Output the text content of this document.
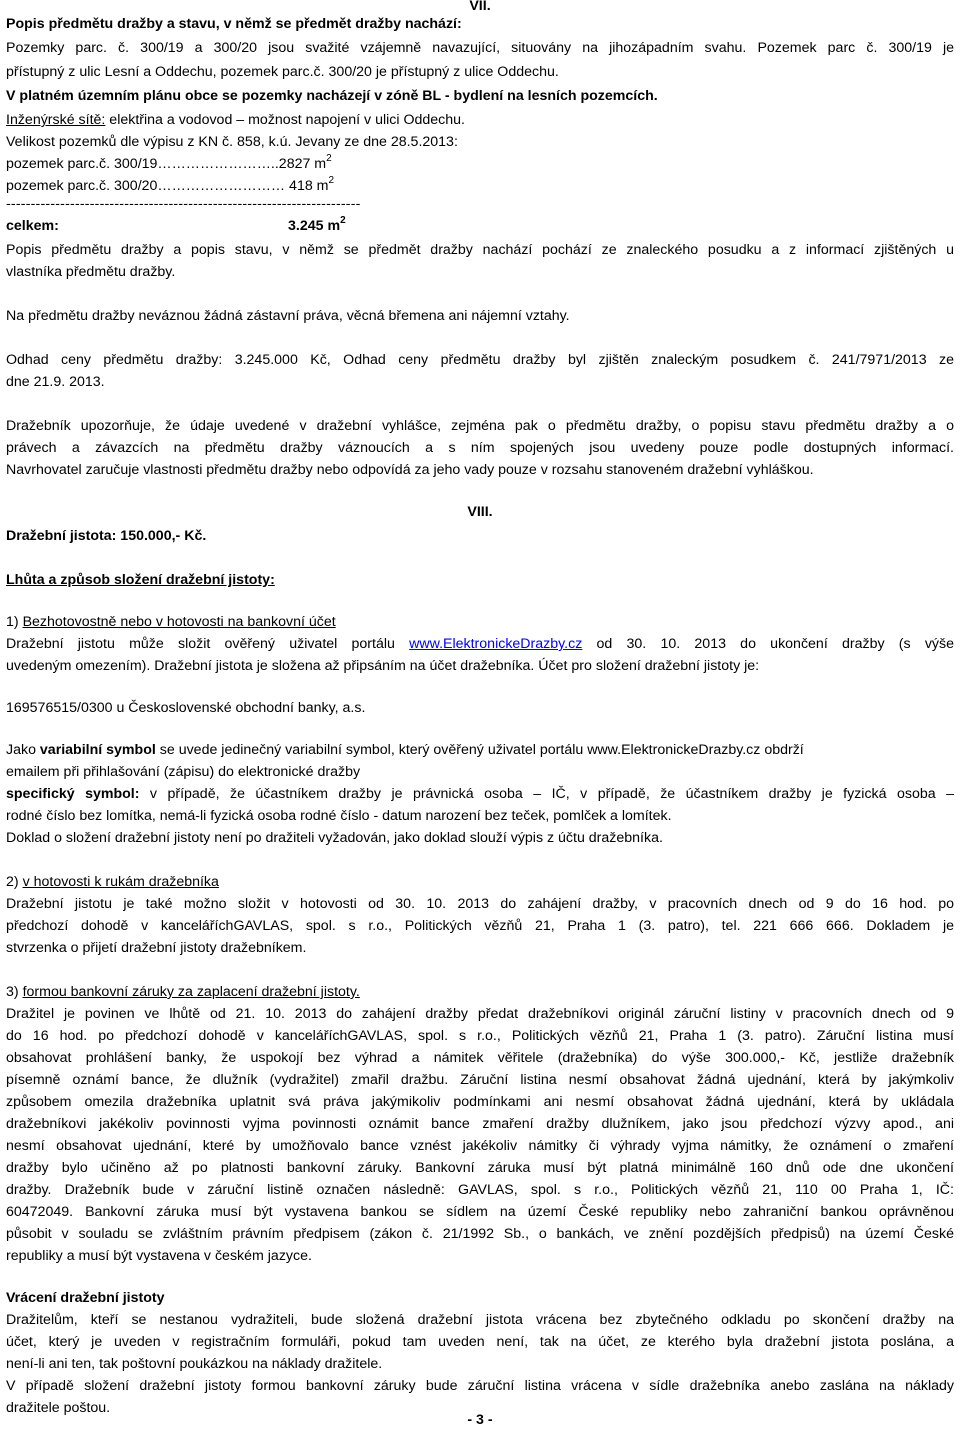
VII.
Popis předmětu dražby a stavu, v němž se předmět dražby nachází:
Pozemky parc. č. 300/19 a 300/20 jsou svažité vzájemně navazující, situovány na jihozápadním svahu. Pozemek parc č. 300/19 je
přístupný z ulic Lesní a Oddechu, pozemek parc.č. 300/20 je přístupný z ulice Oddechu.
V platném územním plánu obce se pozemky nacházejí v zóně BL - bydlení na lesních pozemcích.
Inženýrské sítě: elektřina a vodovod – možnost napojení v ulici Oddechu.
Velikost pozemků dle výpisu z KN č. 858, k.ú. Jevany ze dne 28.5.2013:
pozemek parc.č. 300/19……………………..2827 $m^2$
pozemek parc.č. 300/20……………………… 418 $m^2$
------------------------------------------------------------------------
celkem:	3.245 $m^2$
Popis předmětu dražby a popis stavu, v němž se předmět dražby nachází pochází ze znaleckého posudku a z informací zjištěných u
vlastníka předmětu dražby.
Na předmětu dražby neváznou žádná zástavní práva, věcná břemena ani nájemní vztahy.
Odhad ceny předmětu dražby: 3.245.000 Kč, Odhad ceny předmětu dražby byl zjištěn znaleckým posudkem č. 241/7971/2013 ze
dne 21.9. 2013.
Dražebník upozorňuje, že údaje uvedené v dražební vyhlášce, zejména pak o předmětu dražby, o popisu stavu předmětu dražby a o
právech a závazcích na předmětu dražby váznoucích a s ním spojených jsou uvedeny pouze podle dostupných informací.
Navrhovatel zaručuje vlastnosti předmětu dražby nebo odpovídá za jeho vady pouze v rozsahu stanoveném dražební vyhláškou.
VIII.
Dražební jistota: 150.000,- Kč.
Lhůta a způsob složení dražební jistoty:
1) Bezhotovostně nebo v hotovosti na bankovní účet
Dražební jistotu může složit ověřený uživatel portálu www.ElektronickeDrazby.cz od 30. 10. 2013 do ukončení dražby (s výše
uvedeným omezením). Dražební jistota je složena až připsáním na účet dražebníka. Účet pro složení dražební jistoty je:
169576515/0300 u Československé obchodní banky, a.s.
Jako variabilní symbol se uvede jedinečný variabilní symbol, který ověřený uživatel portálu www.ElektronickeDrazby.cz obdrží
emailem při přihlašování (zápisu) do elektronické dražby
specifický symbol: v případě, že účastníkem dražby je právnická osoba – IČ, v případě, že účastníkem dražby je fyzická osoba –
rodné číslo bez lomítka, nemá-li fyzická osoba rodné číslo - datum narození bez teček, pomlček a lomítek.
Doklad o složení dražební jistoty není po dražiteli vyžadován, jako doklad slouží výpis z účtu dražebníka.
2) v hotovosti k rukám dražebníka
Dražební jistotu je také možno složit v hotovosti od 30. 10. 2013 do zahájení dražby, v pracovních dnech od 9 do 16 hod. po
předchozí dohodě v kanceláříchGAVLAS, spol. s r.o., Politických vězňů 21, Praha 1 (3. patro), tel. 221 666 666. Dokladem je
stvrzenka o přijetí dražební jistoty dražebníkem.
3) formou bankovní záruky za zaplacení dražební jistoty.
Dražitel je povinen ve lhůtě od 21. 10. 2013 do zahájení dražby předat dražebníkovi originál záruční listiny v pracovních dnech od 9
do 16 hod. po předchozí dohodě v kanceláříchGAVLAS, spol. s r.o., Politických vězňů 21, Praha 1 (3. patro). Záruční listina musí
obsahovat prohlášení banky, že uspokojí bez výhrad a námitek věřitele (dražebníka) do výše 300.000,- Kč, jestliže dražebník
písemně oznámí bance, že dlužník (vydražitel) zmařil dražbu. Záruční listina nesmí obsahovat žádná ujednání, která by jakýmkoliv
způsobem omezila dražebníka uplatnit svá práva jakýmikoliv podmínkami ani nesmí obsahovat žádná ujednání, která by ukládala
dražebníkovi jakékoliv povinnosti vyjma povinnosti oznámit bance zmaření dražby dlužníkem, jako jsou předchozí výzvy apod., ani
nesmí obsahovat ujednání, které by umožňovalo bance vznést jakékoliv námitky či výhrady vyjma námitky, že oznámení o zmaření
dražby bylo učiněno až po platnosti bankovní záruky. Bankovní záruka musí být platná minimálně 160 dnů ode dne ukončení
dražby. Dražebník bude v záruční listině označen následně: GAVLAS, spol. s r.o., Politických vězňů 21, 110 00 Praha 1, IČ:
60472049. Bankovní záruka musí být vystavena bankou se sídlem na území České republiky nebo zahraniční bankou oprávněnou
působit v souladu se zvláštním právním předpisem (zákon č. 21/1992 Sb., o bankách, ve znění pozdějších předpisů) na území České
republiky a musí být vystavena v českém jazyce.
Vrácení dražební jistoty
Dražitelům, kteří se nestanou vydražiteli, bude složená dražební jistota vrácena bez zbytečného odkladu po skončení dražby na
účet, který je uveden v registračním formuláři, pokud tam uveden není, tak na účet, ze kterého byla dražební jistota poslána, a
není-li ani ten, tak poštovní poukázkou na náklady dražitele.
V případě složení dražební jistoty formou bankovní záruky bude záruční listina vrácena v sídle dražebníka anebo zaslána na náklady
dražitele poštou.
- 3 -
